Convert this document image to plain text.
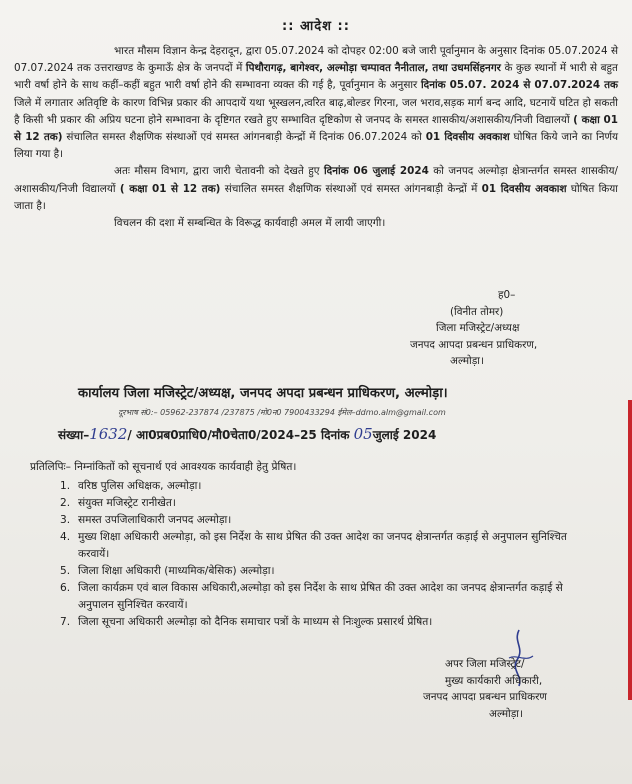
:: आदेश ::

भारत मौसम विज्ञान केन्द्र देहरादून, द्वारा 05.07.2024 को दोपहर 02:00 बजे जारी पूर्वानुमान के अनुसार दिनांक 05.07.2024 से 07.07.2024 तक उत्तराखण्ड के कुमाऊँ क्षेत्र के जनपदों में पिथौरागढ़, बागेश्वर, अल्मोड़ा चम्पावत नैनीताल, तथा उधमसिंहनगर के कुछ स्थानों में भारी से बहुत भारी वर्षा होने के साथ कहीं–कहीं बहुत भारी वर्षा होने की सम्भावना व्यक्त की गई है, पूर्वानुमान के अनुसार दिनांक 05.07. 2024 से 07.07.2024 तक जिले में लगातार अतिवृष्टि के कारण विभिन्न प्रकार की आपदायें यथा भूस्खलन,त्वरित बाढ़,बोल्डर गिरना, जल भराव,सड़क मार्ग बन्द आदि, घटनायें घटित हो सकती है किसी भी प्रकार की अप्रिय घटना होने सम्भावना के दृष्टिगत रखते हुए सम्भावित दृष्टिकोण से जनपद के समस्त शासकीय/अशासकीय/निजी विद्यालयों ( कक्षा 01 से 12 तक) संचालित समस्त शैक्षणिक संस्थाओं एवं समस्त आंगनबाड़ी केन्द्रों में दिनांक 06.07.2024 को 01 दिवसीय अवकाश घोषित किये जाने का निर्णय लिया गया है।

अतः मौसम विभाग, द्वारा जारी चेतावनी को देखते हुए दिनांक 06 जुलाई 2024 को जनपद अल्मोड़ा क्षेत्रान्तर्गत समस्त शासकीय/अशासकीय/निजी विद्यालयों ( कक्षा 01 से 12 तक) संचालित समस्त शैक्षणिक संस्थाओं एवं समस्त आंगनबाड़ी केन्द्रों में 01 दिवसीय अवकाश घोषित किया जाता है।

विचलन की दशा में सम्बन्धित के विरूद्ध कार्यवाही अमल में लायी जाएगी।

ह0–
(विनीत तोमर)
जिला मजिस्ट्रेट/अध्यक्ष
जनपद आपदा प्रबन्धन प्राधिकरण,
अल्मोड़ा।
कार्यालय जिला मजिस्ट्रेट/अध्यक्ष, जनपद अपदा प्रबन्धन प्राधिकरण, अल्मोड़ा।
दूरभाष सं0:– 05962-237874 /237875 /मो0न0 7900433294 ईमेल–ddmo.alm@gmail.com
संख्या–1632/ आ0प्रब0प्राधि0/मौ0चेता0/2024–25 दिनांक 05जुलाई 2024
प्रतिलिपिः– निम्नांकितों को सूचनार्थ एवं आवश्यक कार्यवाही हेतु प्रेषित।
1. वरिष्ठ पुलिस अधिक्षक, अल्मोड़ा।
2. संयुक्त मजिस्ट्रेट रानीखेत।
3. समस्त उपजिलाधिकारी जनपद अल्मोड़ा।
4. मुख्य शिक्षा अधिकारी अल्मोड़ा, को इस निर्देश के साथ प्रेषित की उक्त आदेश का जनपद क्षेत्रान्तर्गत कड़ाई से अनुपालन सुनिश्चित करवायें।
5. जिला शिक्षा अधिकारी (माध्यमिक/बेसिक) अल्मोड़ा।
6. जिला कार्यक्रम एवं बाल विकास अधिकारी,अल्मोड़ा को इस निर्देश के साथ प्रेषित की उक्त आदेश का जनपद क्षेत्रान्तर्गत कड़ाई से अनुपालन सुनिश्चित करवायें।
7. जिला सूचना अधिकारी अल्मोड़ा को दैनिक समाचार पत्रों के माध्यम से निःशुल्क प्रसारर्थ प्रेषित।
अपर जिला मजिस्ट्रेट/
मुख्य कार्यकारी अधिकारी,
जनपद आपदा प्रबन्धन प्राधिकरण
अल्मोड़ा।
